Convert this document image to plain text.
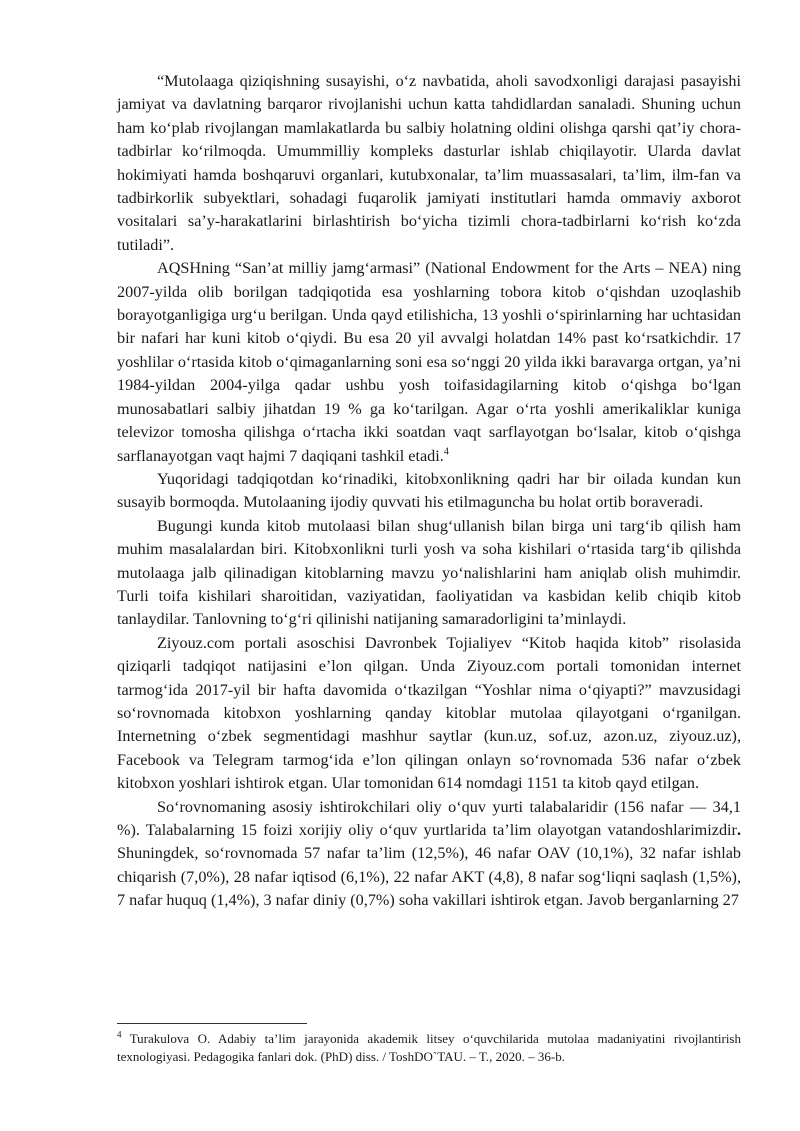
“Mutolaaga qiziqishning susayishi, o‘z navbatida, aholi savodxonligi darajasi pasayishi jamiyat va davlatning barqaror rivojlanishi uchun katta tahdidlardan sanaladi. Shuning uchun ham ko‘plab rivojlangan mamlakatlarda bu salbiy holatning oldini olishga qarshi qat’iy chora-tadbirlar ko‘rilmoqda. Umummilliy kompleks dasturlar ishlab chiqilayotir. Ularda davlat hokimiyati hamda boshqaruvi organlari, kutubxonalar, ta’lim muassasalari, ta’lim, ilm-fan va tadbirkorlik subyektlari, sohadagi fuqarolik jamiyati institutlari hamda ommaviy axborot vositalari sa’y-harakatlarini birlashtirish bo‘yicha tizimli chora-tadbirlarni ko‘rish ko‘zda tutiladi”.

AQSHning “San’at milliy jamg‘armasi” (National Endowment for the Arts – NEA) ning 2007-yilda olib borilgan tadqiqotida esa yoshlarning tobora kitob o‘qishdan uzoqlashib borayotganligiga urg‘u berilgan. Unda qayd etilishicha, 13 yoshli o‘spirinlarning har uchtasidan bir nafari har kuni kitob o‘qiydi. Bu esa 20 yil avvalgi holatdan 14% past ko‘rsatkichdir. 17 yoshlilar o‘rtasida kitob o‘qimaganlarning soni esa so‘nggi 20 yilda ikki baravarga ortgan, ya’ni 1984-yildan 2004-yilga qadar ushbu yosh toifasidagilarning kitob o‘qishga bo‘lgan munosabatlari salbiy jihatdan 19 % ga ko‘tarilgan. Agar o‘rta yoshli amerikaliklar kuniga televizor tomosha qilishga o‘rtacha ikki soatdan vaqt sarflayotgan bo‘lsalar, kitob o‘qishga sarflanayotgan vaqt hajmi 7 daqiqani tashkil etadi.$^4$

Yuqoridagi tadqiqotdan ko‘rinadiki, kitobxonlikning qadri har bir oilada kundan kun susayib bormoqda. Mutolaaning ijodiy quvvati his etilmaguncha bu holat ortib boraveradi.

Bugungi kunda kitob mutolaasi bilan shug‘ullanish bilan birga uni targ‘ib qilish ham muhim masalalardan biri. Kitobxonlikni turli yosh va soha kishilari o‘rtasida targ‘ib qilishda mutolaaga jalb qilinadigan kitoblarning mavzu yo‘nalishlarini ham aniqlab olish muhimdir. Turli toifa kishilari sharoitidan, vaziyatidan, faoliyatidan va kasbidan kelib chiqib kitob tanlaydilar. Tanlovning to‘g‘ri qilinishi natijaning samaradorligini ta’minlaydi.

Ziyouz.com portali asoschisi Davronbek Tojialiyev “Kitob haqida kitob” risolasida qiziqarli tadqiqot natijasini e’lon qilgan. Unda Ziyouz.com portali tomonidan internet tarmog‘ida 2017-yil bir hafta davomida o‘tkazilgan “Yoshlar nima o‘qiyapti?” mavzusidagi so‘rovnomada kitobxon yoshlarning qanday kitoblar mutolaa qilayotgani o‘rganilgan. Internetning o‘zbek segmentidagi mashhur saytlar (kun.uz, sof.uz, azon.uz, ziyouz.uz), Facebook va Telegram tarmog‘ida e’lon qilingan onlayn so‘rovnomada 536 nafar o‘zbek kitobxon yoshlari ishtirok etgan. Ular tomonidan 614 nomdagi 1151 ta kitob qayd etilgan.

So‘rovnomaning asosiy ishtirokchilari oliy o‘quv yurti talabalaridir (156 nafar — 34,1 %). Talabalarning 15 foizi xorijiy oliy o‘quv yurtlarida ta’lim olayotgan vatandoshlarimizdir. Shuningdek, so‘rovnomada 57 nafar ta’lim (12,5%), 46 nafar OAV (10,1%), 32 nafar ishlab chiqarish (7,0%), 28 nafar iqtisod (6,1%), 22 nafar AKT (4,8), 8 nafar sog‘liqni saqlash (1,5%), 7 nafar huquq (1,4%), 3 nafar diniy (0,7%) soha vakillari ishtirok etgan. Javob berganlarning 27

$^4$ Turakulova O. Adabiy ta’lim jarayonida akademik litsey o‘quvchilarida mutolaa madaniyatini rivojlantirish texnologiyasi. Pedagogika fanlari dok. (PhD) diss. / ToshDO`TAU. – T., 2020. – 36-b.
